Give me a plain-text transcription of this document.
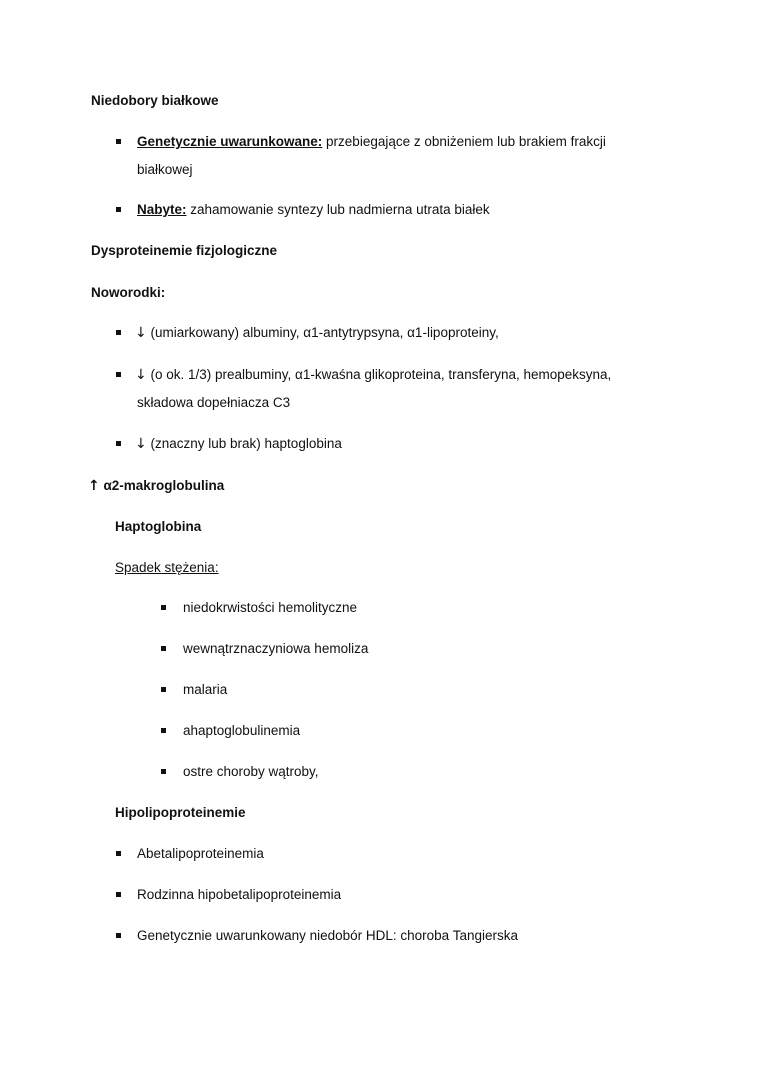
Niedobory białkowe
Genetycznie uwarunkowane: przebiegające z obniżeniem lub brakiem frakcji
białkowej
Nabyte: zahamowanie syntezy lub nadmierna utrata białek
Dysproteinemie fizjologiczne
Noworodki:
↓ (umiarkowany) albuminy, α1-antytrypsyna, α1-lipoproteiny,
↓ (o ok. 1/3) prealbuminy, α1-kwaśna glikoproteina, transferyna, hemopeksyna,
składowa dopełniacza C3
↓ (znaczny lub brak) haptoglobina
↑ α2-makroglobulina
Haptoglobina
Spadek stężenia:
niedokrwistości hemolityczne
wewnątrznaczyniowa hemoliza
malaria
ahaptoglobulinemia
ostre choroby wątroby,
Hipolipoproteinemie
Abetalipoproteinemia
Rodzinna hipobetalipoproteinemia
Genetycznie uwarunkowany niedobór HDL: choroba Tangierska
